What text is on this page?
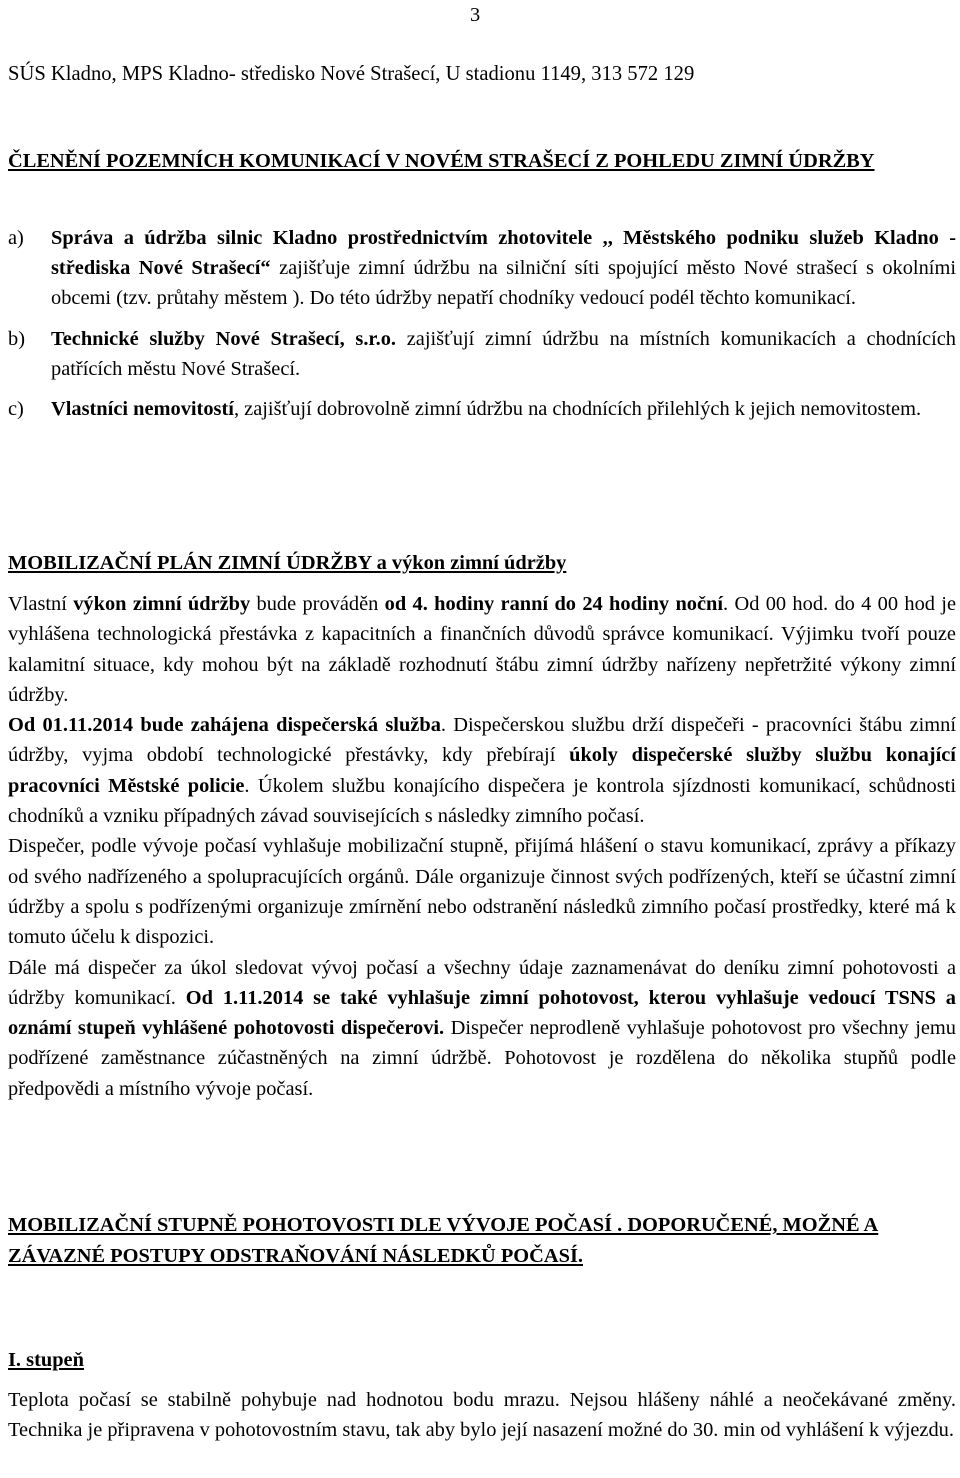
3
SÚS Kladno, MPS Kladno- středisko Nové Strašecí, U stadionu 1149, 313 572 129
ČLENĚNÍ POZEMNÍCH KOMUNIKACÍ V NOVÉM STRAŠECÍ Z POHLEDU ZIMNÍ ÚDRŽBY
a)	Správa a údržba silnic Kladno prostřednictvím zhotovitele ,, Městského podniku služeb Kladno - střediska Nové Strašecí“ zajišťuje zimní údržbu na silniční síti spojující město Nové strašecí s okolními obcemi (tzv. průtahy městem ). Do této údržby nepatří chodníky vedoucí podél těchto komunikací.
b)	Technické služby Nové Strašecí, s.r.o. zajišťují zimní údržbu na místních komunikacích a chodnících patřících městu Nové Strašecí.
c)	Vlastníci nemovitostí, zajišťují dobrovolně zimní údržbu na chodnících přilehlých k jejich nemovitostem.
MOBILIZAČNÍ PLÁN ZIMNÍ ÚDRŽBY a výkon zimní údržby

Vlastní výkon zimní údržby bude prováděn od 4. hodiny ranní do 24 hodiny noční. Od 00 hod. do 4 00 hod je vyhlášena technologická přestávka z kapacitních a finančních důvodů správce komunikací. Výjimku tvoří pouze kalamitní situace, kdy mohou být na základě rozhodnutí štábu zimní údržby nařízeny nepřetržité výkony zimní údržby.

Od 01.11.2014 bude zahájena dispečerská služba. Dispečerskou službu drží dispečeři - pracovníci štábu zimní údržby, vyjma období technologické přestávky, kdy přebírají úkoly dispečerské služby službu konající pracovníci Městské policie. Úkolem službu konajícího dispečera je kontrola sjízdnosti komunikací, schůdnosti chodníků a vzniku případných závad souvisejících s následky zimního počasí.

Dispečer, podle vývoje počasí vyhlašuje mobilizační stupně, přijímá hlášení o stavu komunikací, zprávy a příkazy od svého nadřízeného a spolupracujících orgánů. Dále organizuje činnost svých podřízených, kteří se účastní zimní údržby a spolu s podřízenými organizuje zmírnění nebo odstranění následků zimního počasí prostředky, které má k tomuto účelu k dispozici.

Dále má dispečer za úkol sledovat vývoj počasí a všechny údaje zaznamenávat do deníku zimní pohotovosti a údržby komunikací. Od 1.11.2014 se také vyhlašuje zimní pohotovost, kterou vyhlašuje vedoucí TSNS a oznámí stupeň vyhlášené pohotovosti dispečerovi. Dispečer neprodleně vyhlašuje pohotovost pro všechny jemu podřízené zaměstnance zúčastněných na zimní údržbě. Pohotovost je rozdělena do několika stupňů podle předpovědi a místního vývoje počasí.

MOBILIZAČNÍ STUPNĚ POHOTOVOSTI DLE VÝVOJE POČASÍ . DOPORUČENÉ, MOŽNÉ A ZÁVAZNÉ POSTUPY ODSTRAŇOVÁNÍ NÁSLEDKŮ POČASÍ.
I. stupeň

Teplota počasí se stabilně pohybuje nad hodnotou bodu mrazu. Nejsou hlášeny náhlé a neočekávané změny. Technika je připravena v pohotovostním stavu, tak aby bylo její nasazení možné do 30. min od vyhlášení k výjezdu.
